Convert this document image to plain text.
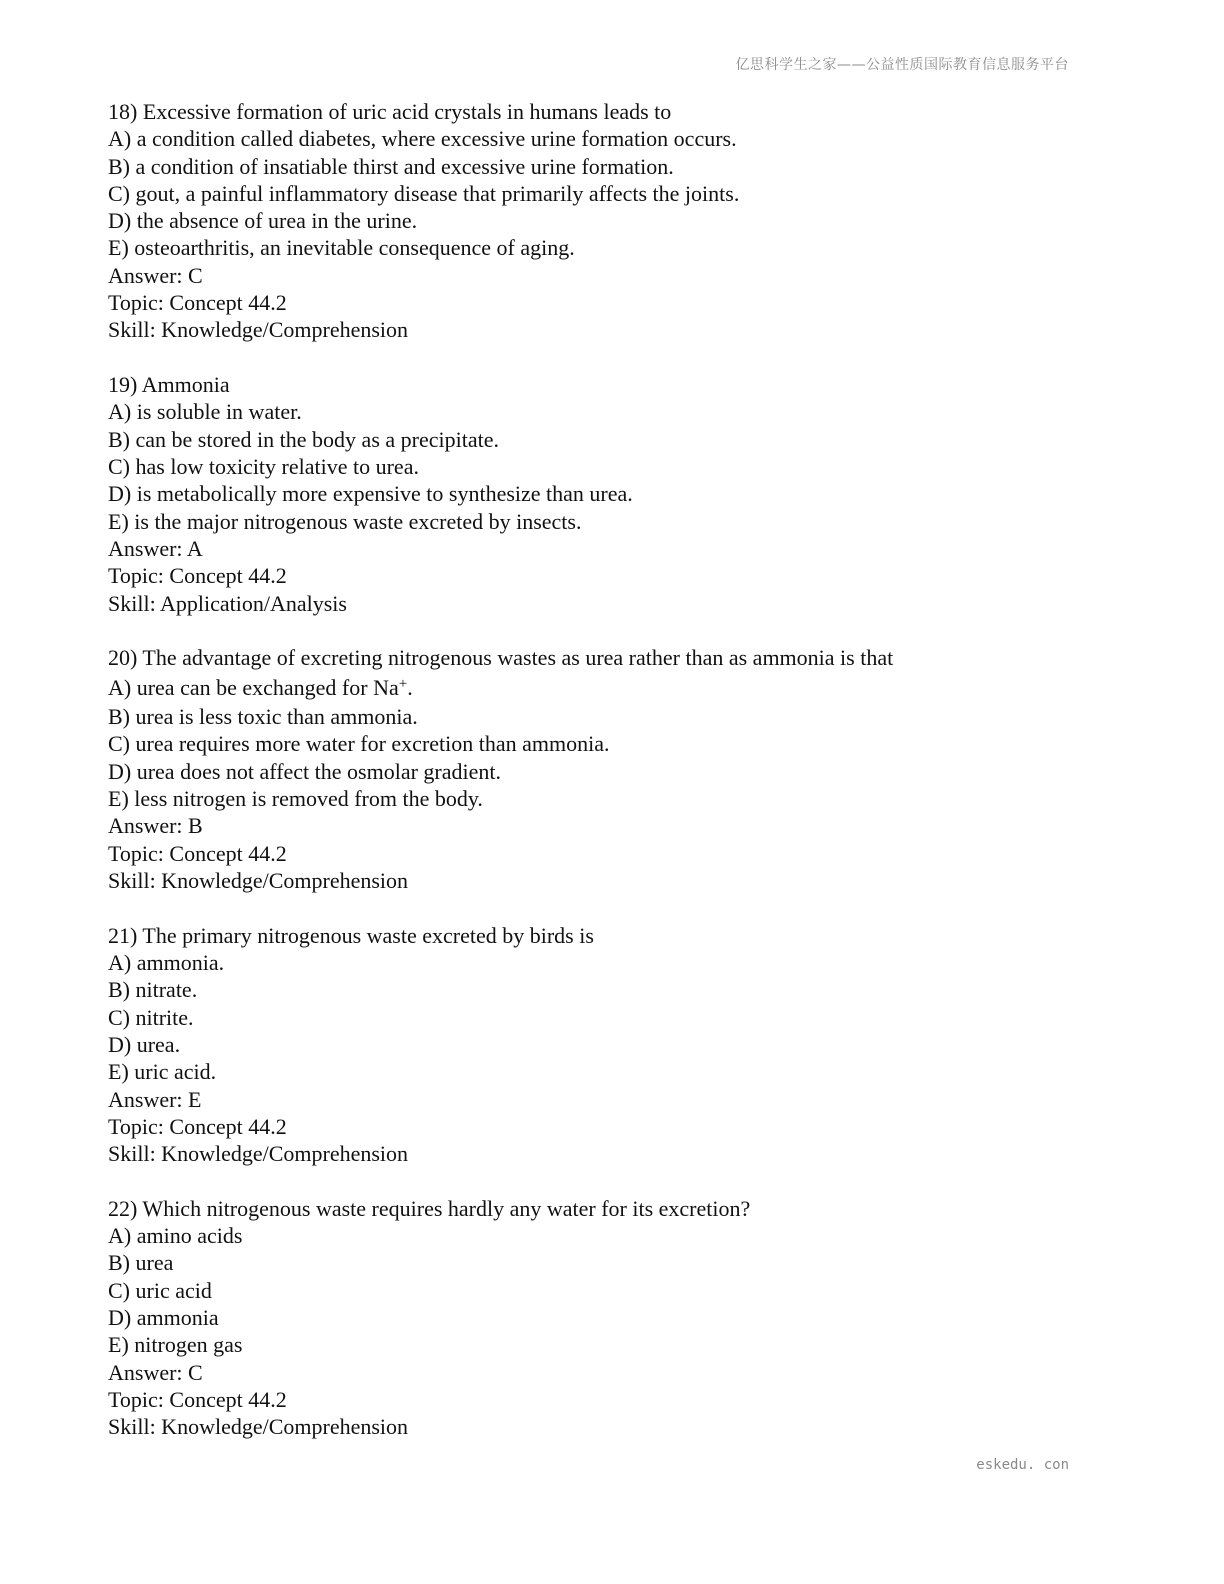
亿思科学生之家——公益性质国际教育信息服务平台
18) Excessive formation of uric acid crystals in humans leads to
A) a condition called diabetes, where excessive urine formation occurs.
B) a condition of insatiable thirst and excessive urine formation.
C) gout, a painful inflammatory disease that primarily affects the joints.
D) the absence of urea in the urine.
E) osteoarthritis, an inevitable consequence of aging.
Answer: C
Topic: Concept 44.2
Skill: Knowledge/Comprehension
19) Ammonia
A) is soluble in water.
B) can be stored in the body as a precipitate.
C) has low toxicity relative to urea.
D) is metabolically more expensive to synthesize than urea.
E) is the major nitrogenous waste excreted by insects.
Answer: A
Topic: Concept 44.2
Skill: Application/Analysis
20) The advantage of excreting nitrogenous wastes as urea rather than as ammonia is that
A) urea can be exchanged for Na+.
B) urea is less toxic than ammonia.
C) urea requires more water for excretion than ammonia.
D) urea does not affect the osmolar gradient.
E) less nitrogen is removed from the body.
Answer: B
Topic: Concept 44.2
Skill: Knowledge/Comprehension
21) The primary nitrogenous waste excreted by birds is
A) ammonia.
B) nitrate.
C) nitrite.
D) urea.
E) uric acid.
Answer: E
Topic: Concept 44.2
Skill: Knowledge/Comprehension
22) Which nitrogenous waste requires hardly any water for its excretion?
A) amino acids
B) urea
C) uric acid
D) ammonia
E) nitrogen gas
Answer: C
Topic: Concept 44.2
Skill: Knowledge/Comprehension
eskedu. con
